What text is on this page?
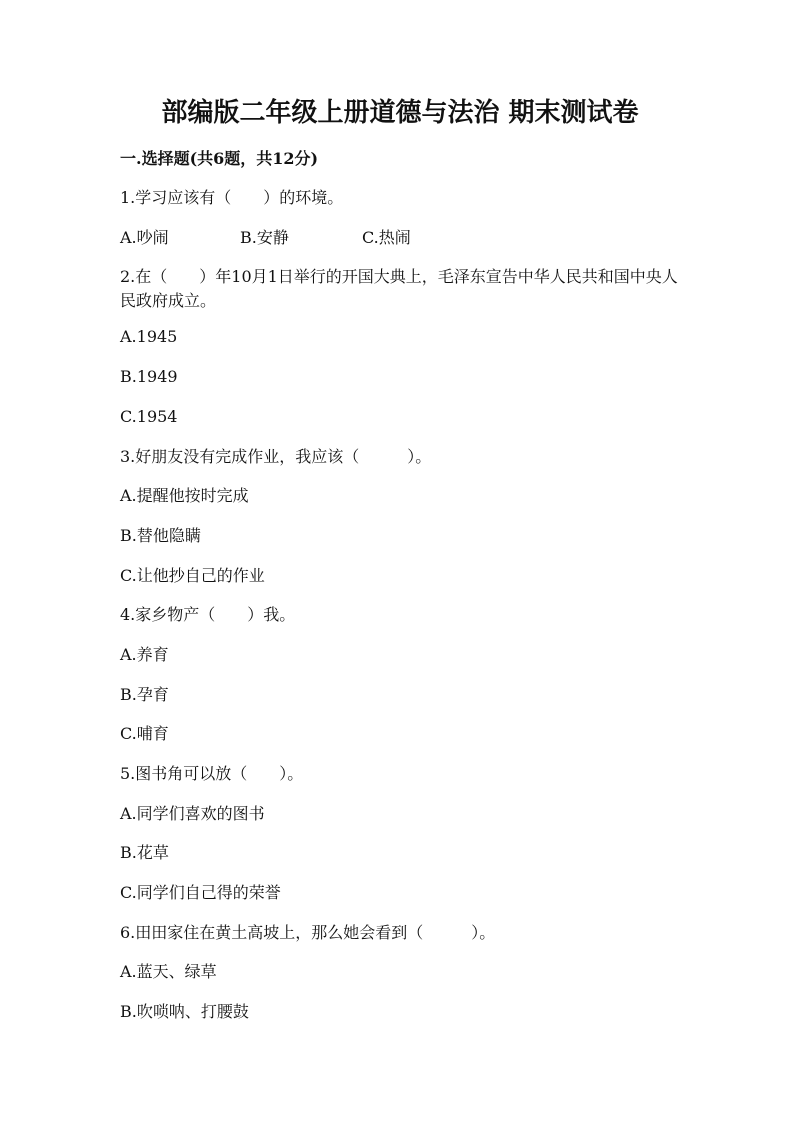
部编版二年级上册道德与法治 期末测试卷
一.选择题(共6题，共12分)
1.学习应该有（　　）的环境。
A.吵闹	B.安静	C.热闹
2.在（　　）年10月1日举行的开国大典上，毛泽东宣告中华人民共和国中央人民政府成立。
A.1945
B.1949
C.1954
3.好朋友没有完成作业，我应该（　　　）。
A.提醒他按时完成
B.替他隐瞒
C.让他抄自己的作业
4.家乡物产（　　）我。
A.养育
B.孕育
C.哺育
5.图书角可以放（　　）。
A.同学们喜欢的图书
B.花草
C.同学们自己得的荣誉
6.田田家住在黄土高坡上，那么她会看到（　　　）。
A.蓝天、绿草
B.吹唢呐、打腰鼓
